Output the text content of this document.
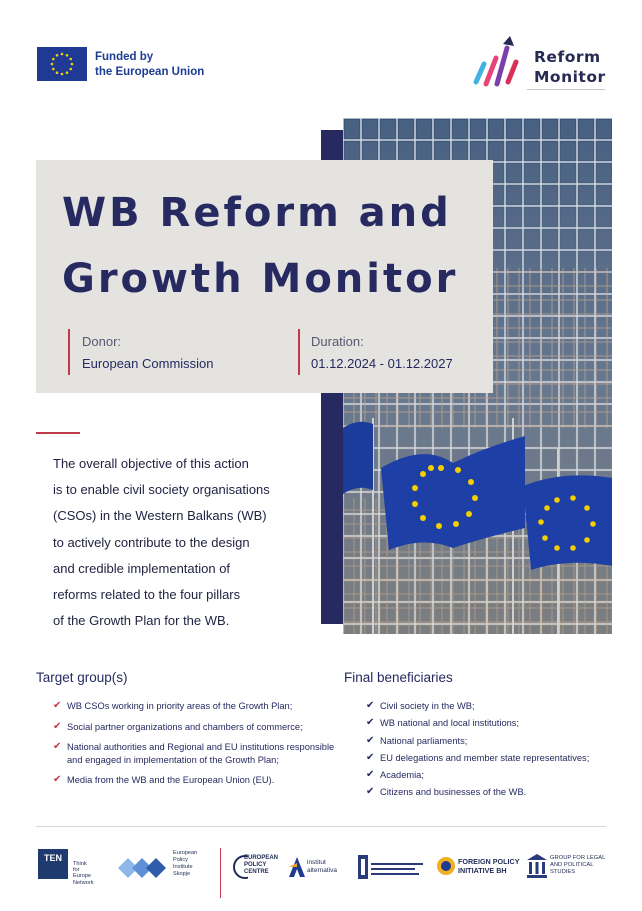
Funded by
the European Union
Reform
Monitor
WB Reform and
Growth Monitor
Donor:
European Commission
Duration:
01.12.2024 - 01.12.2027
The overall objective of this action
is to enable civil society organisations
(CSOs) in the Western Balkans (WB)
to actively contribute to the design
and credible implementation of
reforms related to the four pillars
of the Growth Plan for the WB.
Target group(s)
✔ WB CSOs working in priority areas of the Growth Plan;
✔ Social partner organizations and chambers of commerce;
✔ National authorities and Regional and EU institutions responsible and engaged in implementation of the Growth Plan;
✔ Media from the WB and the European Union (EU).
Final beneficiaries
✔ Civil society in the WB;
✔ WB national and local institutions;
✔ National parliaments;
✔ EU delegations and member state representatives;
✔ Academia;
✔ Citizens and businesses of the WB.
TEN
Think
for
Europe
Network
European
Policy
Institute
Skopje
EUROPEAN
POLICY
CENTRE
institut
alternativa
FOREIGN POLICY
INITIATIVE BH
GROUP FOR LEGAL
AND POLITICAL
STUDIES
